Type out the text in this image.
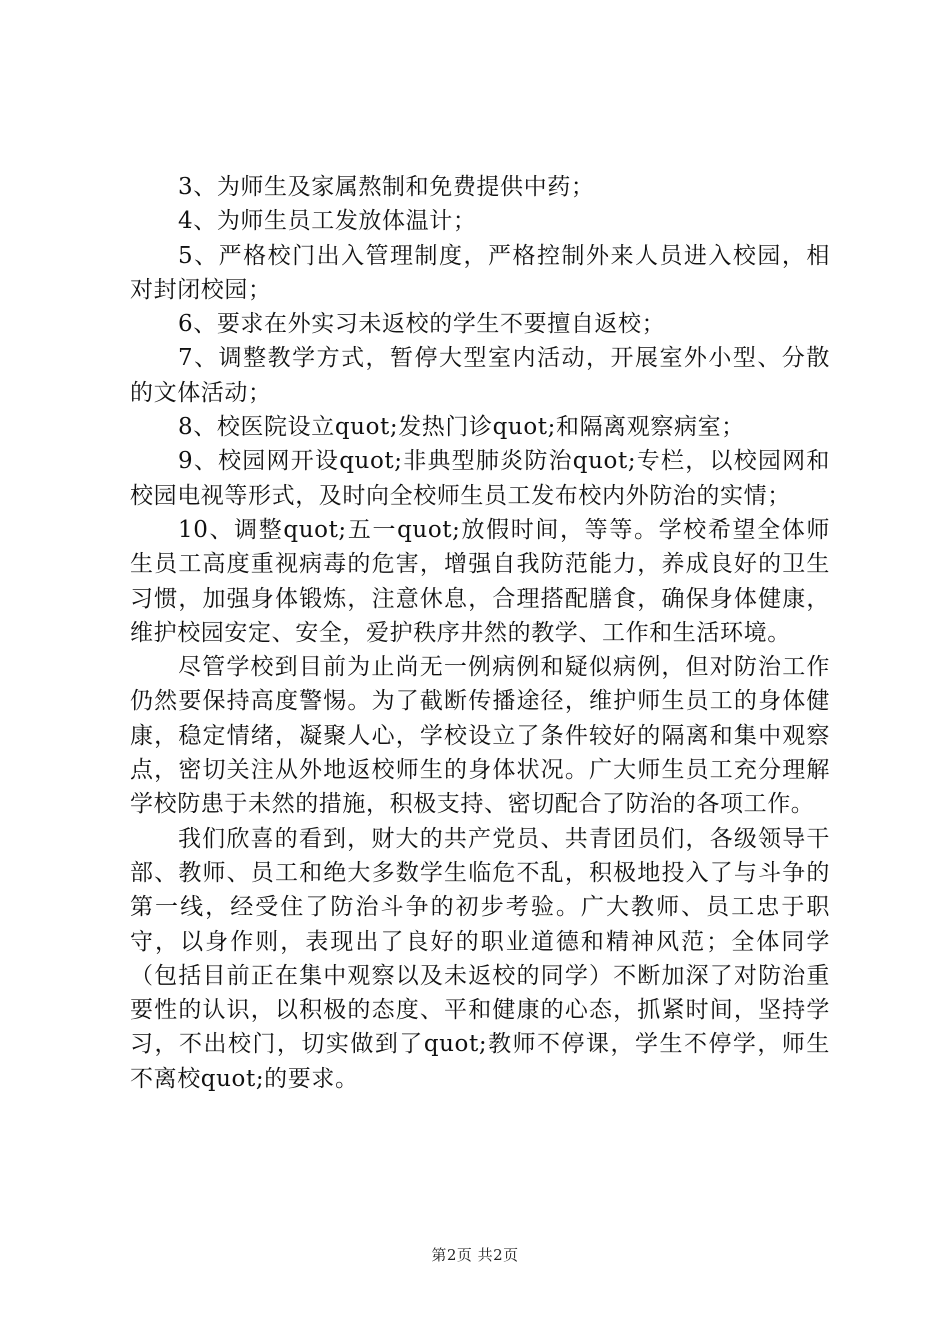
3、为师生及家属熬制和免费提供中药；

4、为师生员工发放体温计；

5、严格校门出入管理制度，严格控制外来人员进入校园，相对封闭校园；

6、要求在外实习未返校的学生不要擅自返校；

7、调整教学方式，暂停大型室内活动，开展室外小型、分散的文体活动；

8、校医院设立quot;发热门诊quot;和隔离观察病室；

9、校园网开设quot;非典型肺炎防治quot;专栏，以校园网和校园电视等形式，及时向全校师生员工发布校内外防治的实情；

10、调整quot;五一quot;放假时间，等等。学校希望全体师生员工高度重视病毒的危害，增强自我防范能力，养成良好的卫生习惯，加强身体锻炼，注意休息，合理搭配膳食，确保身体健康，维护校园安定、安全，爱护秩序井然的教学、工作和生活环境。

尽管学校到目前为止尚无一例病例和疑似病例，但对防治工作仍然要保持高度警惕。为了截断传播途径，维护师生员工的身体健康，稳定情绪，凝聚人心，学校设立了条件较好的隔离和集中观察点，密切关注从外地返校师生的身体状况。广大师生员工充分理解学校防患于未然的措施，积极支持、密切配合了防治的各项工作。

我们欣喜的看到，财大的共产党员、共青团员们，各级领导干部、教师、员工和绝大多数学生临危不乱，积极地投入了与斗争的第一线，经受住了防治斗争的初步考验。广大教师、员工忠于职守，以身作则，表现出了良好的职业道德和精神风范；全体同学（包括目前正在集中观察以及未返校的同学）不断加深了对防治重要性的认识，以积极的态度、平和健康的心态，抓紧时间，坚持学习，不出校门，切实做到了quot;教师不停课，学生不停学，师生不离校quot;的要求。

第2页 共2页
